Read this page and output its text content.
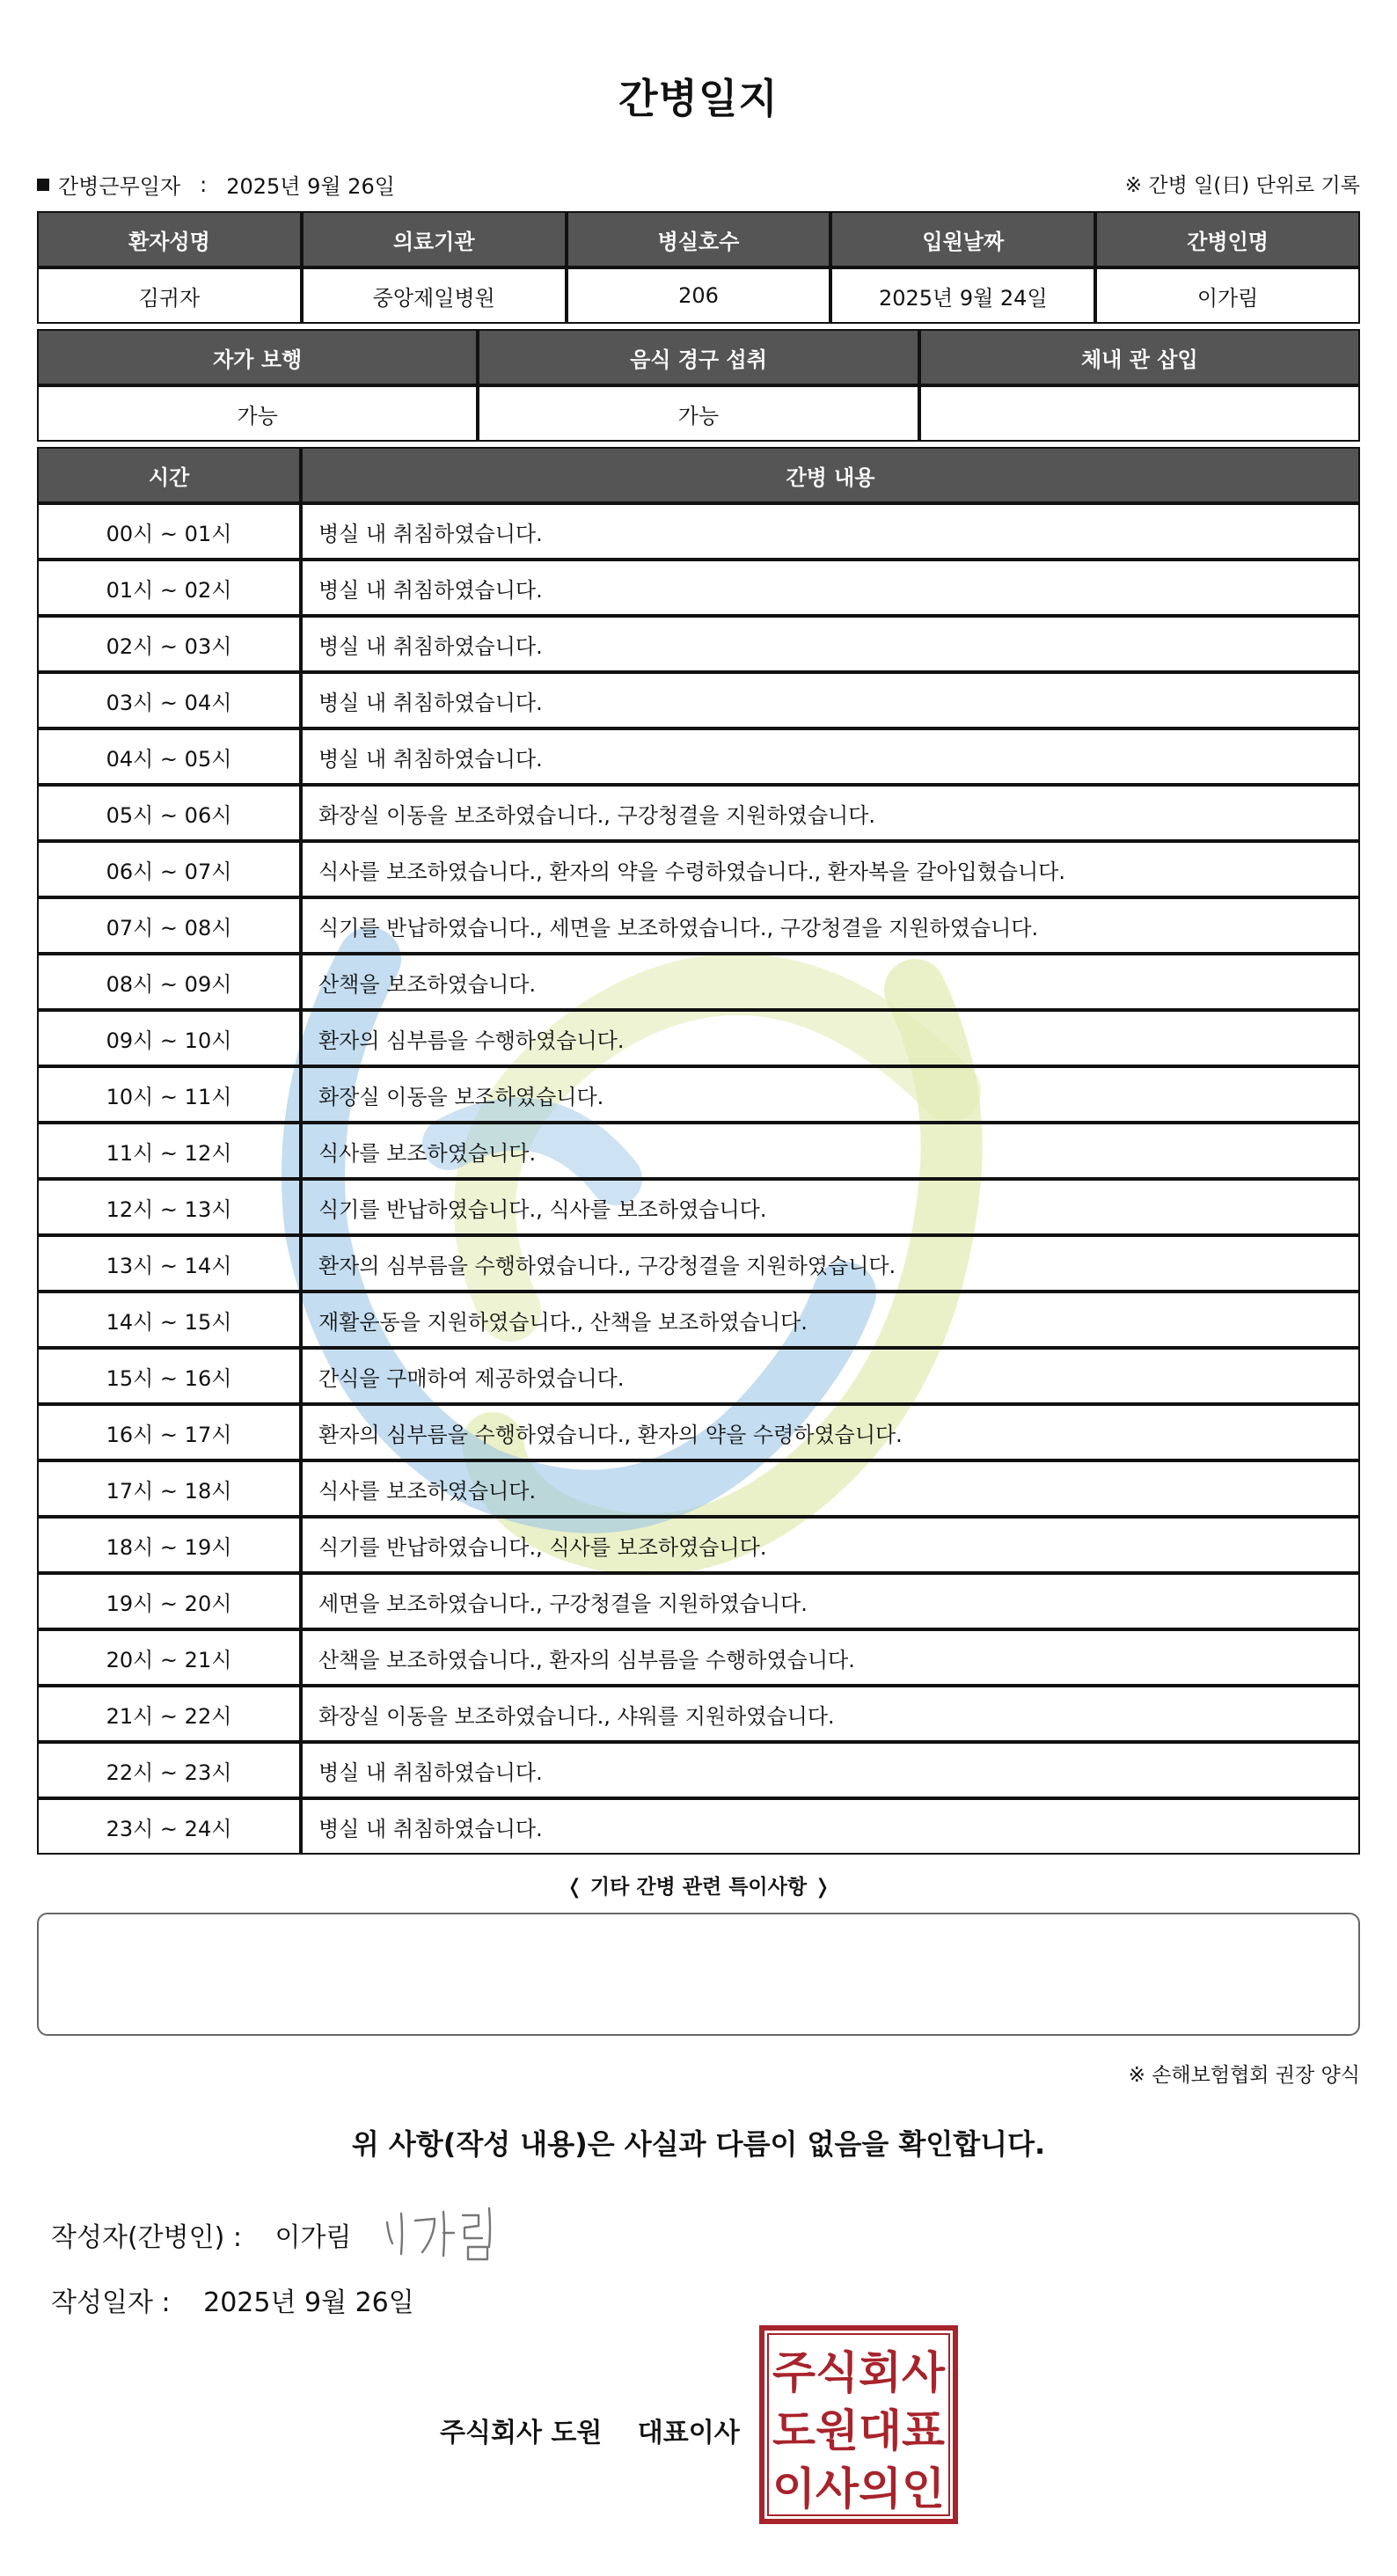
간병일지
간병근무일자 : 2025년 9월 26일	※ 간병 일(日) 단위로 기록
환자성명	의료기관	병실호수	입원날짜	간병인명
김귀자	중앙제일병원	206	2025년 9월 24일	이가림
자가 보행	음식 경구 섭취	체내 관 삽입
가능	가능	
시간	간병 내용
00시 ~ 01시	병실 내 취침하였습니다.
01시 ~ 02시	병실 내 취침하였습니다.
02시 ~ 03시	병실 내 취침하였습니다.
03시 ~ 04시	병실 내 취침하였습니다.
04시 ~ 05시	병실 내 취침하였습니다.
05시 ~ 06시	화장실 이동을 보조하였습니다., 구강청결을 지원하였습니다.
06시 ~ 07시	식사를 보조하였습니다., 환자의 약을 수령하였습니다., 환자복을 갈아입혔습니다.
07시 ~ 08시	식기를 반납하였습니다., 세면을 보조하였습니다., 구강청결을 지원하였습니다.
08시 ~ 09시	산책을 보조하였습니다.
09시 ~ 10시	환자의 심부름을 수행하였습니다.
10시 ~ 11시	화장실 이동을 보조하였습니다.
11시 ~ 12시	식사를 보조하였습니다.
12시 ~ 13시	식기를 반납하였습니다., 식사를 보조하였습니다.
13시 ~ 14시	환자의 심부름을 수행하였습니다., 구강청결을 지원하였습니다.
14시 ~ 15시	재활운동을 지원하였습니다., 산책을 보조하였습니다.
15시 ~ 16시	간식을 구매하여 제공하였습니다.
16시 ~ 17시	환자의 심부름을 수행하였습니다., 환자의 약을 수령하였습니다.
17시 ~ 18시	식사를 보조하였습니다.
18시 ~ 19시	식기를 반납하였습니다., 식사를 보조하였습니다.
19시 ~ 20시	세면을 보조하였습니다., 구강청결을 지원하였습니다.
20시 ~ 21시	산책을 보조하였습니다., 환자의 심부름을 수행하였습니다.
21시 ~ 22시	화장실 이동을 보조하였습니다., 샤워를 지원하였습니다.
22시 ~ 23시	병실 내 취침하였습니다.
23시 ~ 24시	병실 내 취침하였습니다.
❬ 기타 간병 관련 특이사항 ❭
※ 손해보험협회 권장 양식
위 사항(작성 내용)은 사실과 다름이 없음을 확인합니다.
작성자(간병인) : 이가림
작성일자 : 2025년 9월 26일
주식회사 도원 대표이사
주식회사
도원대표
이사의인
